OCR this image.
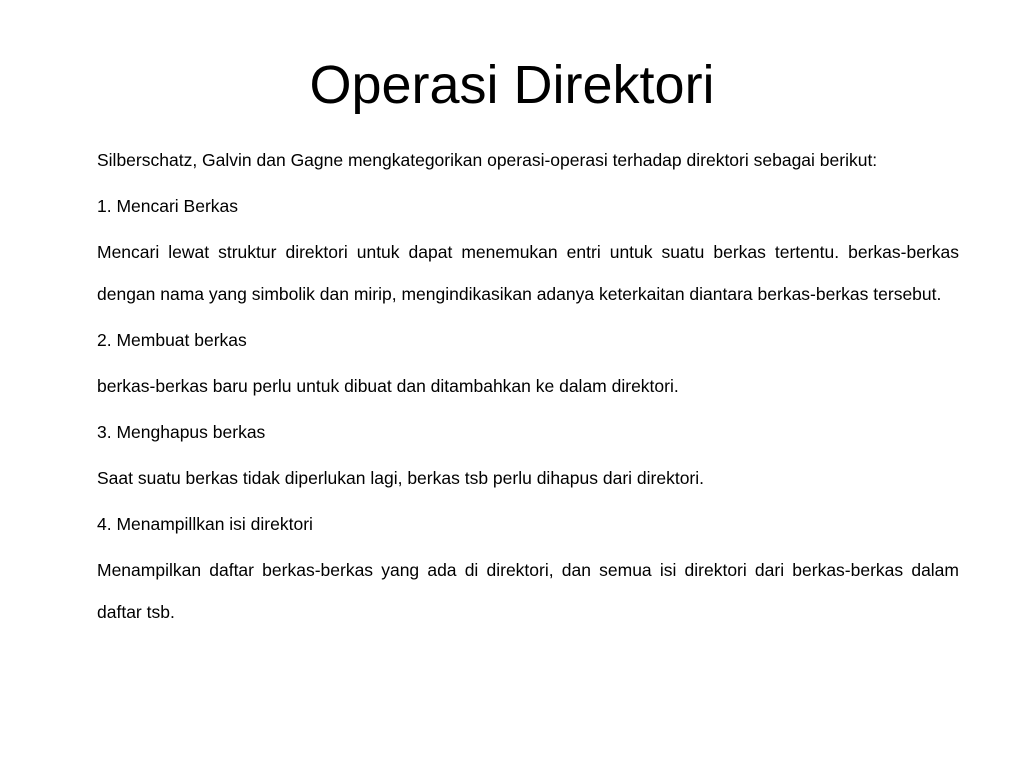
Operasi Direktori

Silberschatz, Galvin dan Gagne mengkategorikan operasi-operasi terhadap direktori sebagai berikut:

1. Mencari Berkas

Mencari lewat struktur direktori untuk dapat menemukan entri untuk suatu berkas tertentu. berkas-berkas dengan nama yang simbolik dan mirip, mengindikasikan adanya keterkaitan diantara berkas-berkas tersebut.

2. Membuat berkas

berkas-berkas baru perlu untuk dibuat dan ditambahkan ke dalam direktori.

3. Menghapus berkas

Saat suatu berkas tidak diperlukan lagi, berkas tsb perlu dihapus dari direktori.

4. Menampillkan isi direktori

Menampilkan daftar berkas-berkas yang ada di direktori, dan semua isi direktori dari berkas-berkas dalam daftar tsb.
